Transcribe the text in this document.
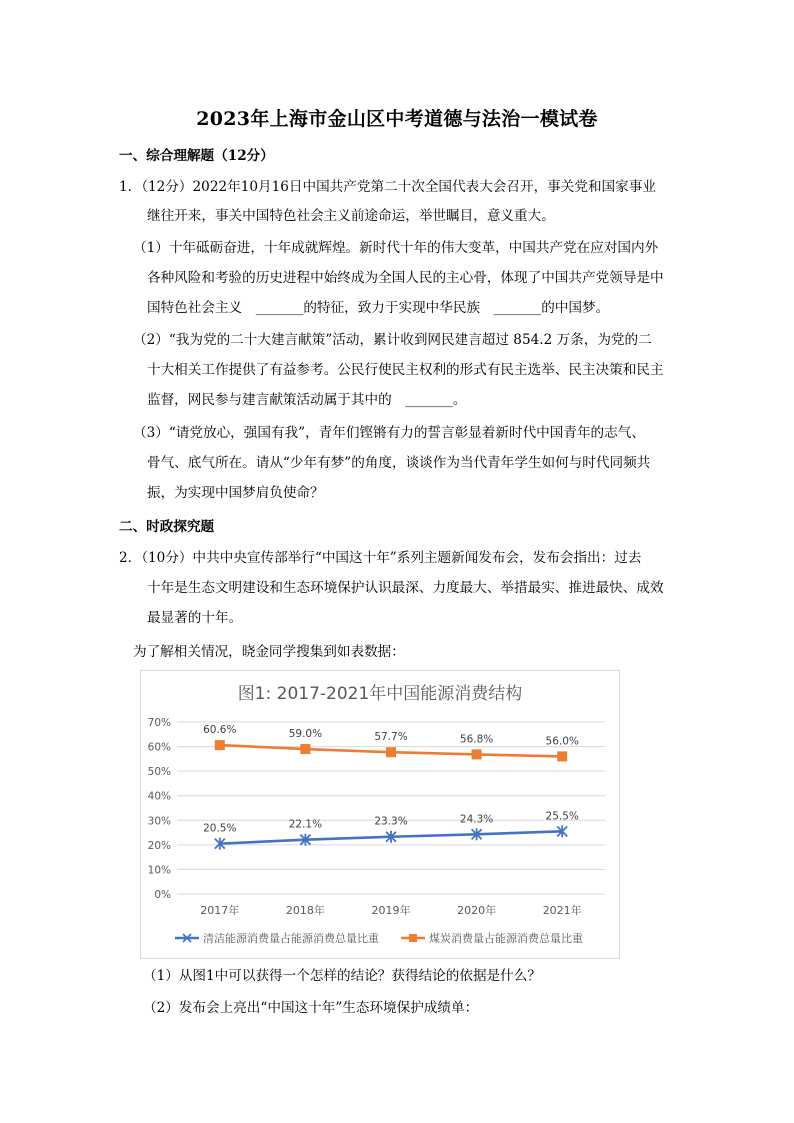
2023年上海市金山区中考道德与法治一模试卷
一、综合理解题（12分）
1．（12分）2022年10月16日中国共产党第二十次全国代表大会召开，事关党和国家事业
继往开来，事关中国特色社会主义前途命运，举世瞩目，意义重大。
（1）十年砥砺奋进，十年成就辉煌。新时代十年的伟大变革，中国共产党在应对国内外
各种风险和考验的历史进程中始终成为全国人民的主心骨，体现了中国共产党领导是中
国特色社会主义　_______的特征，致力于实现中华民族　_______的中国梦。
（2）“我为党的二十大建言献策”活动，累计收到网民建言超过 854.2 万条，为党的二
十大相关工作提供了有益参考。公民行使民主权利的形式有民主选举、民主决策和民主
监督，网民参与建言献策活动属于其中的　_______。
（3）“请党放心，强国有我”，青年们铿锵有力的誓言彰显着新时代中国青年的志气、
骨气、底气所在。请从“少年有梦”的角度，谈谈作为当代青年学生如何与时代同频共
振，为实现中国梦肩负使命？
二、时政探究题
2．（10分）中共中央宣传部举行“中国这十年”系列主题新闻发布会，发布会指出：过去
十年是生态文明建设和生态环境保护认识最深、力度最大、举措最实、推进最快、成效
最显著的十年。
为了解相关情况，晓金同学搜集到如表数据：
图1: 2017-2021年中国能源消费结构
0%
10%
20%
30%
40%
50%
60%
70%
2017年	2018年	2019年	2020年	2021年
20.5%	22.1%	23.3%	24.3%	25.5%
60.6%	59.0%	57.7%	56.8%	56.0%
清洁能源消费量占能源消费总量比重	煤炭消费量占能源消费总量比重
（1）从图1中可以获得一个怎样的结论？获得结论的依据是什么？
（2）发布会上亮出“中国这十年”生态环境保护成绩单：
